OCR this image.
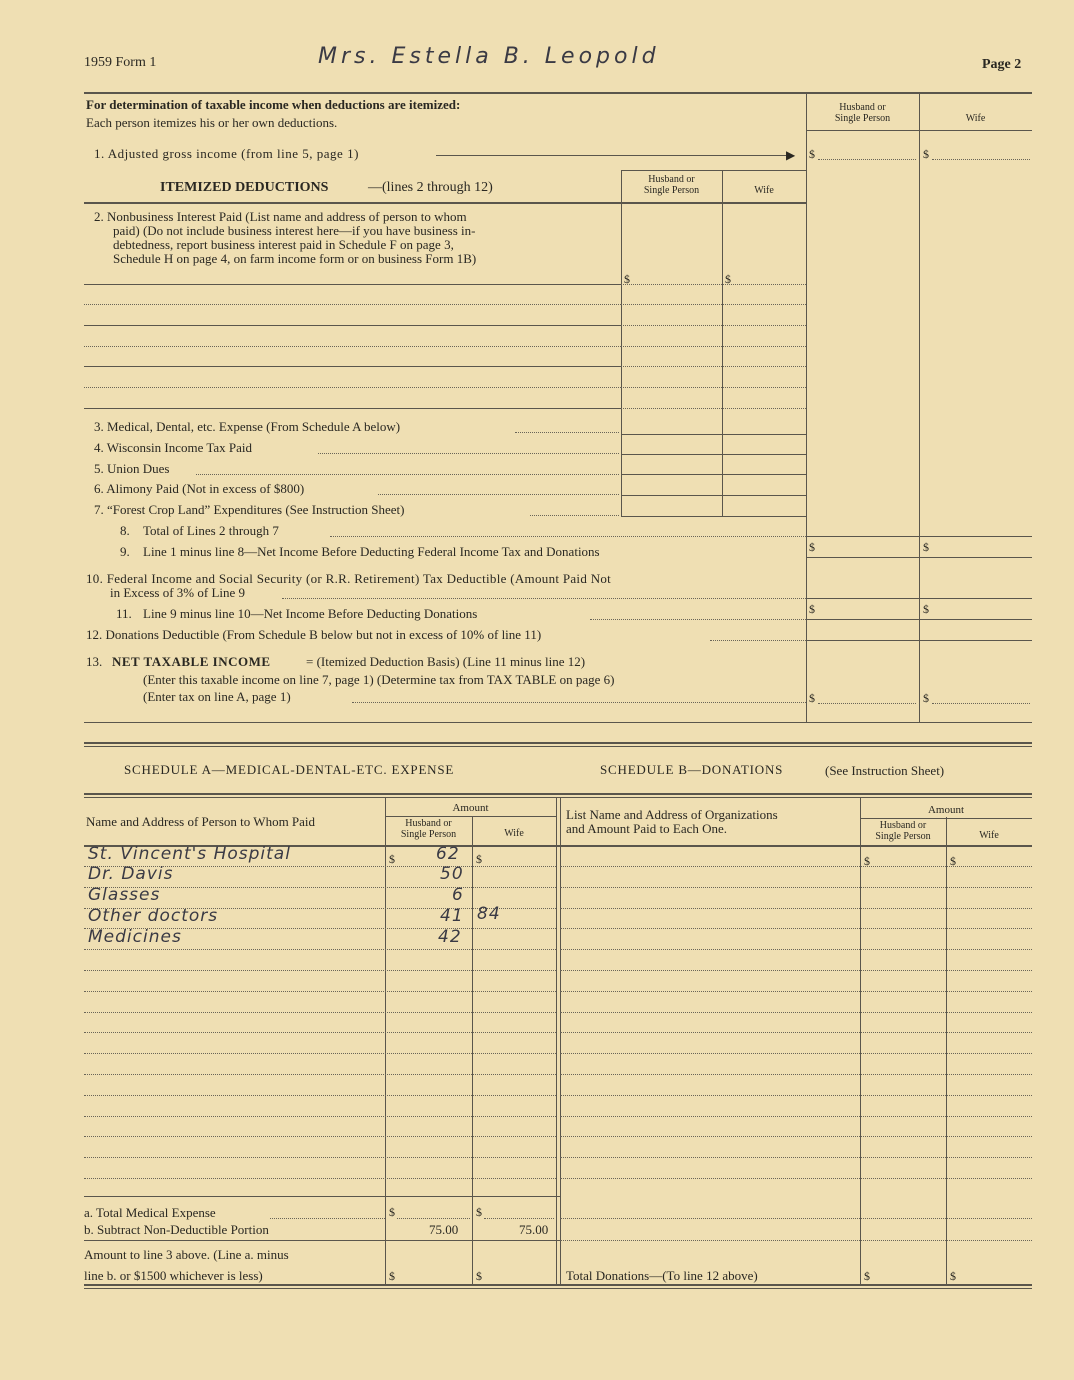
1959 Form 1	Mrs. Estella B. Leopold	Page 2
Husband or
Single Person	Wife
For determination of taxable income when deductions are itemized:
Each person itemizes his or her own deductions.
1. Adjusted gross income (from line 5, page 1)	▶ $	$
ITEMIZED DEDUCTIONS	—(lines 2 through 12)
Husband or
Single Person	Wife
2. Nonbusiness Interest Paid (List name and address of person to whom
paid) (Do not include business interest here—if you have business in-
debtedness, report business interest paid in Schedule F on page 3,
Schedule H on page 4, on farm income form or on business Form 1B)
$	$
3. Medical, Dental, etc. Expense (From Schedule A below)
4. Wisconsin Income Tax Paid
5. Union Dues
6. Alimony Paid (Not in excess of $800)
7. “Forest Crop Land” Expenditures (See Instruction Sheet)
8. Total of Lines 2 through 7
9. Line 1 minus line 8—Net Income Before Deducting Federal Income Tax and Donations	$	$
10. Federal Income and Social Security (or R.R. Retirement) Tax Deductible (Amount Paid Not
in Excess of 3% of Line 9
11. Line 9 minus line 10—Net Income Before Deducting Donations	$	$
12. Donations Deductible (From Schedule B below but not in excess of 10% of line 11)
13. NET TAXABLE INCOME	= (Itemized Deduction Basis) (Line 11 minus line 12)
(Enter this taxable income on line 7, page 1) (Determine tax from TAX TABLE on page 6)
(Enter tax on line A, page 1)	$	$
SCHEDULE A—MEDICAL-DENTAL-ETC. EXPENSE	SCHEDULE B—DONATIONS	(See Instruction Sheet)
Name and Address of Person to Whom Paid
Amount
Husband or
Single Person	Wife
List Name and Address of Organizations
and Amount Paid to Each One.
Amount
Husband or
Single Person	Wife
St. Vincent's Hospital	$ 62 $
Dr. Davis	50
Glasses	6
Other doctors	41 84
Medicines	42
$	$
a. Total Medical Expense	$	$
b. Subtract Non-Deductible Portion	75.00	75.00
Amount to line 3 above. (Line a. minus
line b. or $1500 whichever is less)	$	$	Total Donations—(To line 12 above)	$	$
